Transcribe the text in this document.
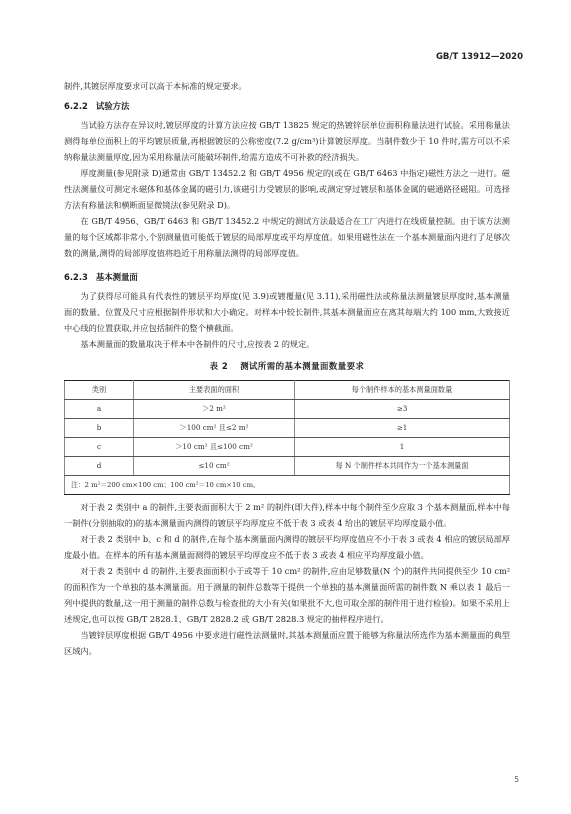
GB/T 13912—2020

制件,其镀层厚度要求可以高于本标准的规定要求。

6.2.2 试验方法

当试验方法存在异议时,镀层厚度的计算方法应按 GB/T 13825 规定的热镀锌层单位面积称量法进行试验。采用称量法测得每单位面积上的平均镀层质量,再根据镀层的公称密度(7.2 g/cm³)计算镀层厚度。当制件数少于 10 件时,需方可以不采纳称量法测量厚度,因为采用称量法可能破坏制件,给需方造成不可补救的经济损失。

厚度测量(参见附录 D)通常由 GB/T 13452.2 和 GB/T 4956 规定的(或在 GB/T 6463 中指定)磁性方法之一进行。磁性法测量仪可测定永磁体和基体金属的磁引力,该磁引力受镀层的影响,或测定穿过镀层和基体金属的磁通路径磁阻。可选择方法有称量法和横断面显微镜法(参见附录 D)。

在 GB/T 4956、GB/T 6463 和 GB/T 13452.2 中规定的测试方法最适合在工厂内进行在线质量控制。由于该方法测量的每个区域都非常小,个别测量值可能低于镀层的局部厚度或平均厚度值。如果用磁性法在一个基本测量面内进行了足够次数的测量,测得的局部厚度值将趋近于用称量法测得的局部厚度值。

6.2.3 基本测量面

为了获得尽可能具有代表性的镀层平均厚度(见 3.9)或镀覆量(见 3.11),采用磁性法或称量法测量镀层厚度时,基本测量面的数量、位置及尺寸应根据制件形状和大小确定。对样本中较长制件,其基本测量面应在离其每端大约 100 mm,大致接近中心线的位置获取,并应包括制件的整个横截面。

基本测量面的数量取决于样本中各制件的尺寸,应按表 2 的规定。

表 2 测试所需的基本测量面数量要求
类别	主要表面的面积	每个制件样本的基本测量面数量
a	＞2 m²	≥3
b	＞100 cm² 且≤2 m²	≥1
c	＞10 cm² 且≤100 cm²	1
d	≤10 cm²	每 N 个制件样本共同作为一个基本测量面
注：2 m²＝200 cm×100 cm；100 cm²＝10 cm×10 cm。		

对于表 2 类别中 a 的制件,主要表面面积大于 2 m² 的制件(即大件),样本中每个制件至少应取 3 个基本测量面,样本中每一制件(分别抽取的)的基本测量面内测得的镀层平均厚度应不低于表 3 或表 4 给出的镀层平均厚度最小值。

对于表 2 类别中 b、c 和 d 的制件,在每个基本测量面内测得的镀层平均厚度值应不小于表 3 或表 4 相应的镀层局部厚度最小值。在样本的所有基本测量面测得的镀层平均厚度应不低于表 3 或表 4 相应平均厚度最小值。

对于表 2 类别中 d 的制件,主要表面面积小于或等于 10 cm² 的制件,应由足够数量(N 个)的制件共同提供至少 10 cm² 的面积作为一个单独的基本测量面。用于测量的制件总数等于提供一个单独的基本测量面所需的制件数 N 乘以表 1 最后一列中提供的数量,这一用于测量的制件总数与检查批的大小有关(如果批不大,也可取全部的制件用于进行检验)。如果不采用上述规定,也可以按 GB/T 2828.1、GB/T 2828.2 或 GB/T 2828.3 规定的抽样程序进行。

当镀锌层厚度根据 GB/T 4956 中要求进行磁性法测量时,其基本测量面应置于能够为称量法所选作为基本测量面的典型区域内。

5
